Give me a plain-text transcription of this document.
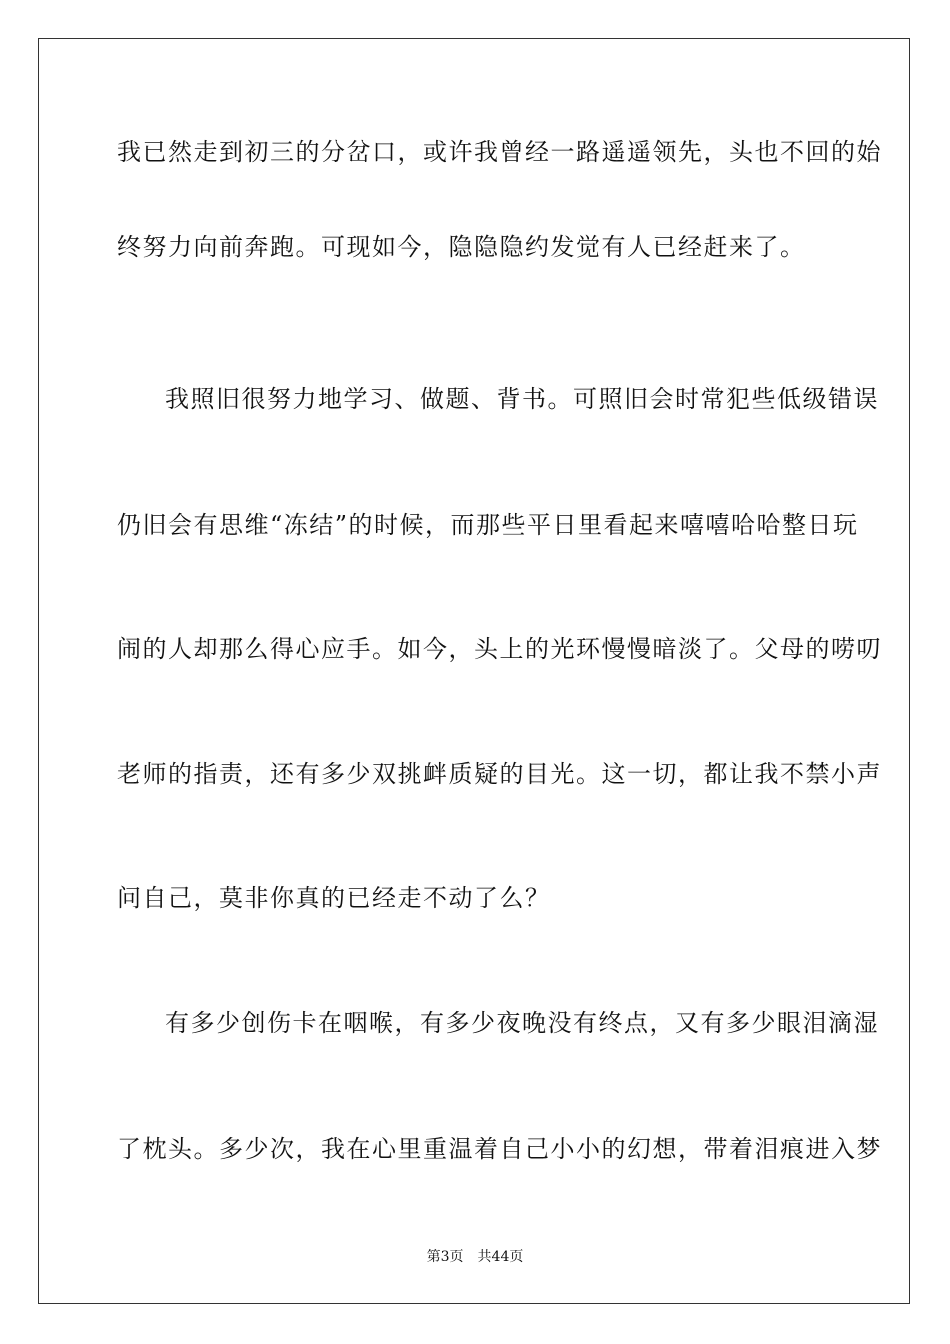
我已然走到初三的分岔口，或许我曾经一路遥遥领先，头也不回的始
终努力向前奔跑。可现如今，隐隐隐约发觉有人已经赶来了。
我照旧很努力地学习、做题、背书。可照旧会时常犯些低级错误
仍旧会有思维“冻结”的时候，而那些平日里看起来嘻嘻哈哈整日玩
闹的人却那么得心应手。如今，头上的光环慢慢暗淡了。父母的唠叨
老师的指责，还有多少双挑衅质疑的目光。这一切，都让我不禁小声
问自己，莫非你真的已经走不动了么？
有多少创伤卡在咽喉，有多少夜晚没有终点，又有多少眼泪滴湿
了枕头。多少次，我在心里重温着自己小小的幻想，带着泪痕进入梦
第3页 共44页
